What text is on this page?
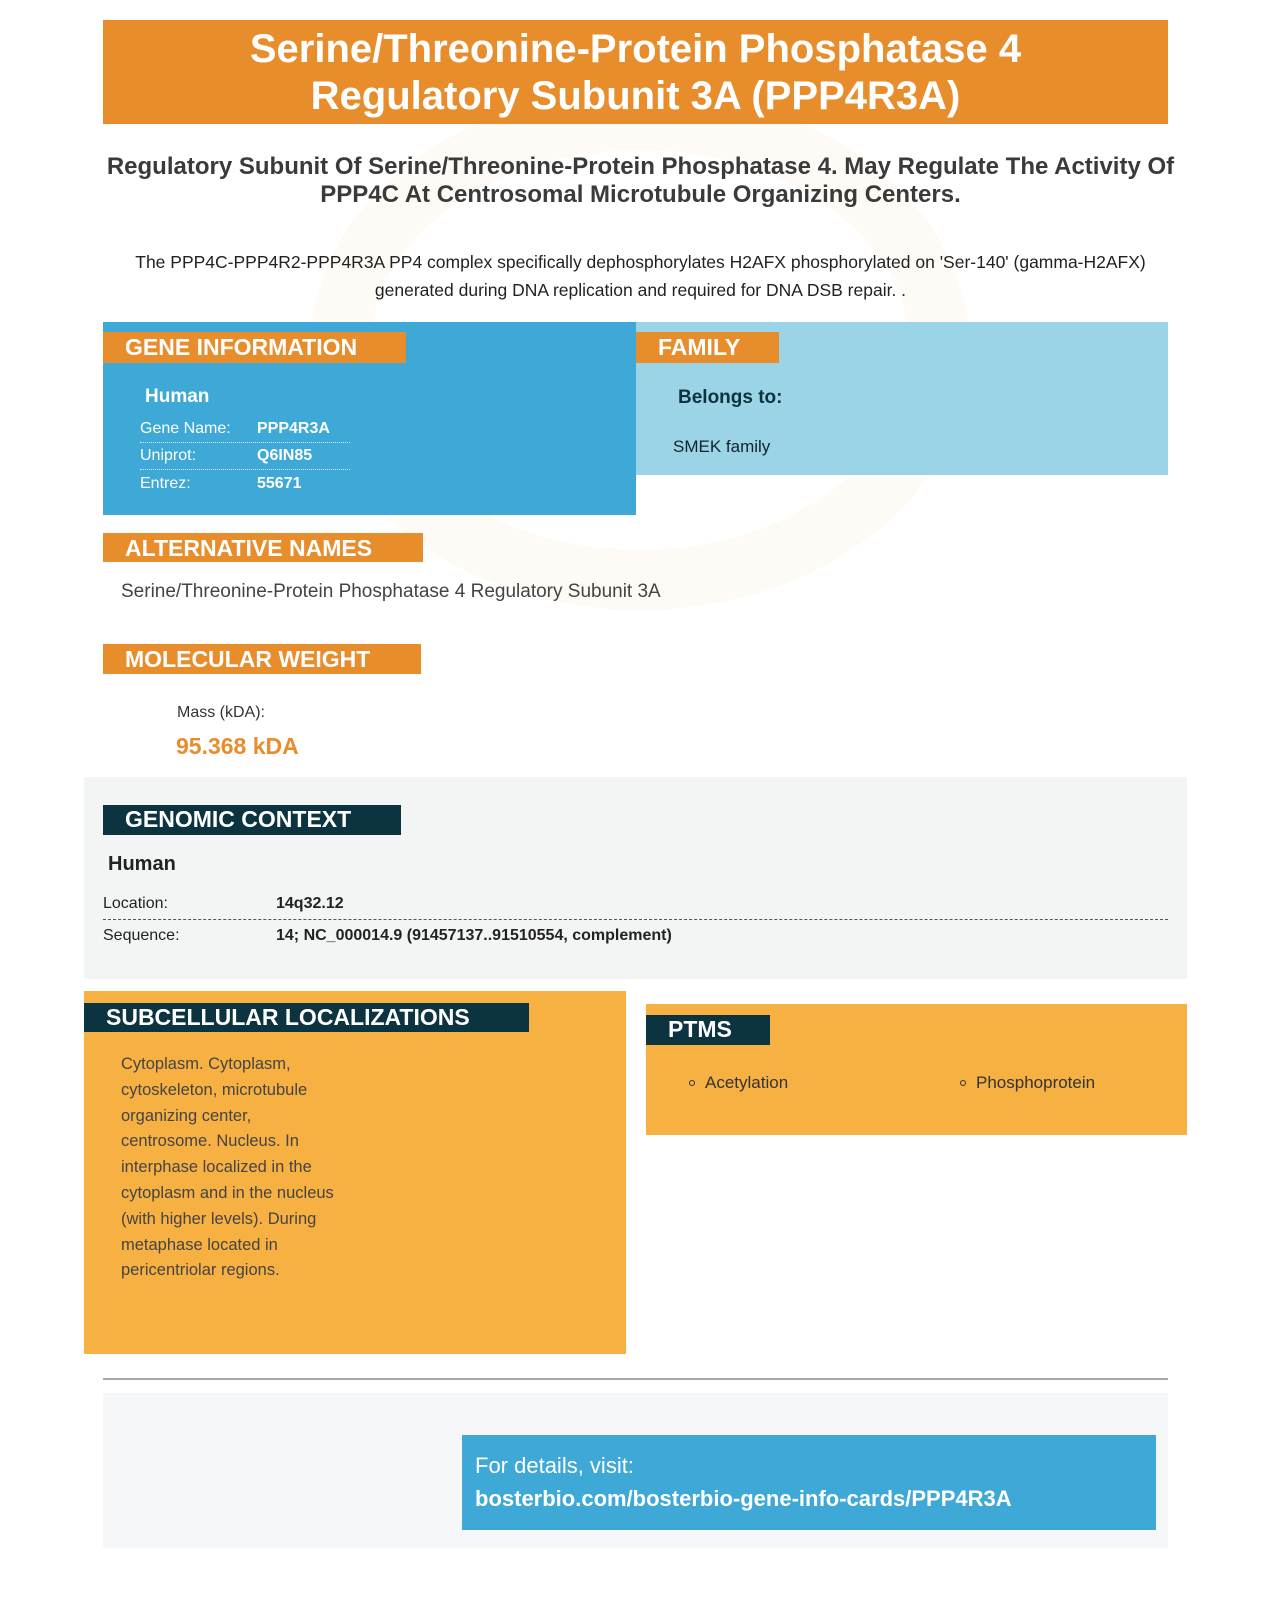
Serine/Threonine-Protein Phosphatase 4
Regulatory Subunit 3A (PPP4R3A)
Regulatory Subunit Of Serine/Threonine-Protein Phosphatase 4. May Regulate The Activity Of PPP4C At Centrosomal Microtubule Organizing Centers.
The PPP4C-PPP4R2-PPP4R3A PP4 complex specifically dephosphorylates H2AFX phosphorylated on 'Ser-140' (gamma-H2AFX) generated during DNA replication and required for DNA DSB repair. .
GENE INFORMATION
Human
Gene Name:	PPP4R3A
Uniprot:	Q6IN85
Entrez:	55671
FAMILY
Belongs to:
SMEK family
ALTERNATIVE NAMES
Serine/Threonine-Protein Phosphatase 4 Regulatory Subunit 3A
MOLECULAR WEIGHT
Mass (kDA):
95.368 kDA
GENOMIC CONTEXT
Human
Location:	14q32.12
Sequence:	14; NC_000014.9 (91457137..91510554, complement)
SUBCELLULAR LOCALIZATIONS
Cytoplasm. Cytoplasm, cytoskeleton, microtubule organizing center, centrosome. Nucleus. In interphase localized in the cytoplasm and in the nucleus (with higher levels). During metaphase located in pericentriolar regions.
PTMS
Acetylation	Phosphoprotein
For details, visit:
bosterbio.com/bosterbio-gene-info-cards/PPP4R3A
